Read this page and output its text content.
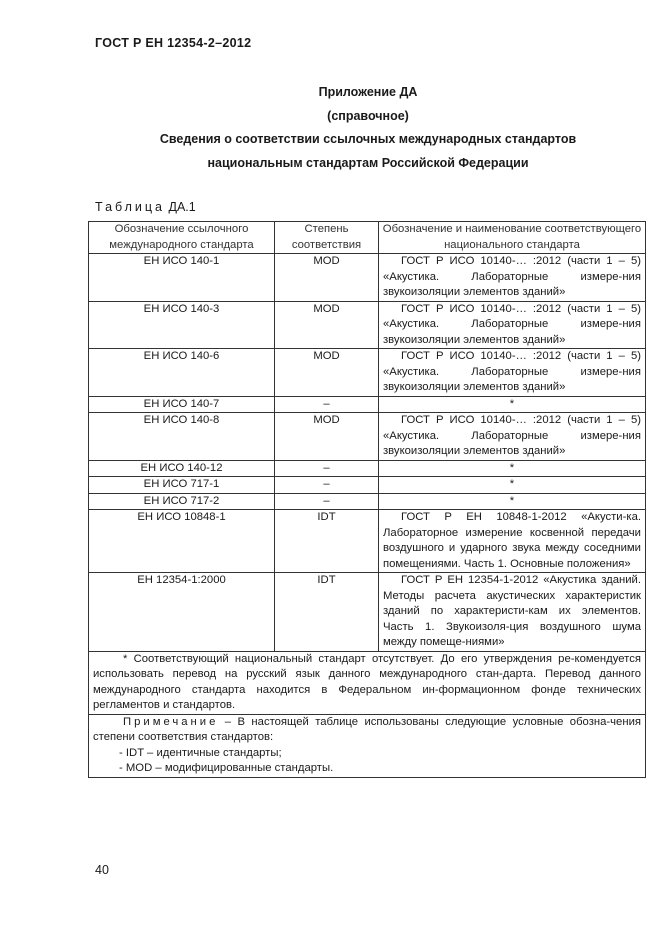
ГОСТ Р ЕН 12354-2–2012
Приложение ДА
(справочное)
Сведения о соответствии ссылочных международных стандартов
национальным стандартам Российской Федерации
Таблица ДА.1
Обозначение ссылочного международного стандарта	Степень соответствия	Обозначение и наименование соответствующего национального стандарта
ЕН ИСО 140-1	MOD	ГОСТ Р ИСО 10140-… :2012 (части 1 – 5) «Акустика. Лабораторные измере-ния звукоизоляции элементов зданий»
ЕН ИСО 140-3	MOD	ГОСТ Р ИСО 10140-… :2012 (части 1 – 5) «Акустика. Лабораторные измере-ния звукоизоляции элементов зданий»
ЕН ИСО 140-6	MOD	ГОСТ Р ИСО 10140-… :2012 (части 1 – 5) «Акустика. Лабораторные измере-ния звукоизоляции элементов зданий»
ЕН ИСО 140-7	–	*
ЕН ИСО 140-8	MOD	ГОСТ Р ИСО 10140-… :2012 (части 1 – 5) «Акустика. Лабораторные измере-ния звукоизоляции элементов зданий»
ЕН ИСО 140-12	–	*
ЕН ИСО 717-1	–	*
ЕН ИСО 717-2	–	*
ЕН ИСО 10848-1	IDT	ГОСТ Р ЕН 10848-1-2012 «Акусти-ка. Лабораторное измерение косвенной передачи воздушного и ударного звука между соседними помещениями. Часть 1. Основные положения»
ЕН 12354-1:2000	IDT	ГОСТ Р ЕН 12354-1-2012 «Акустика зданий. Методы расчета акустических характеристик зданий по характеристи-кам их элементов. Часть 1. Звукоизоля-ция воздушного шума между помеще-ниями»

* Соответствующий национальный стандарт отсутствует. До его утверждения ре-комендуется использовать перевод на русский язык данного международного стан-дарта. Перевод данного международного стандарта находится в Федеральном ин-формационном фонде технических регламентов и стандартов.		

Примечание – В настоящей таблице использованы следующие условные обозна-чения степени соответствия стандартов:
- IDT – идентичные стандарты;
- MOD – модифицированные стандарты.		
40
